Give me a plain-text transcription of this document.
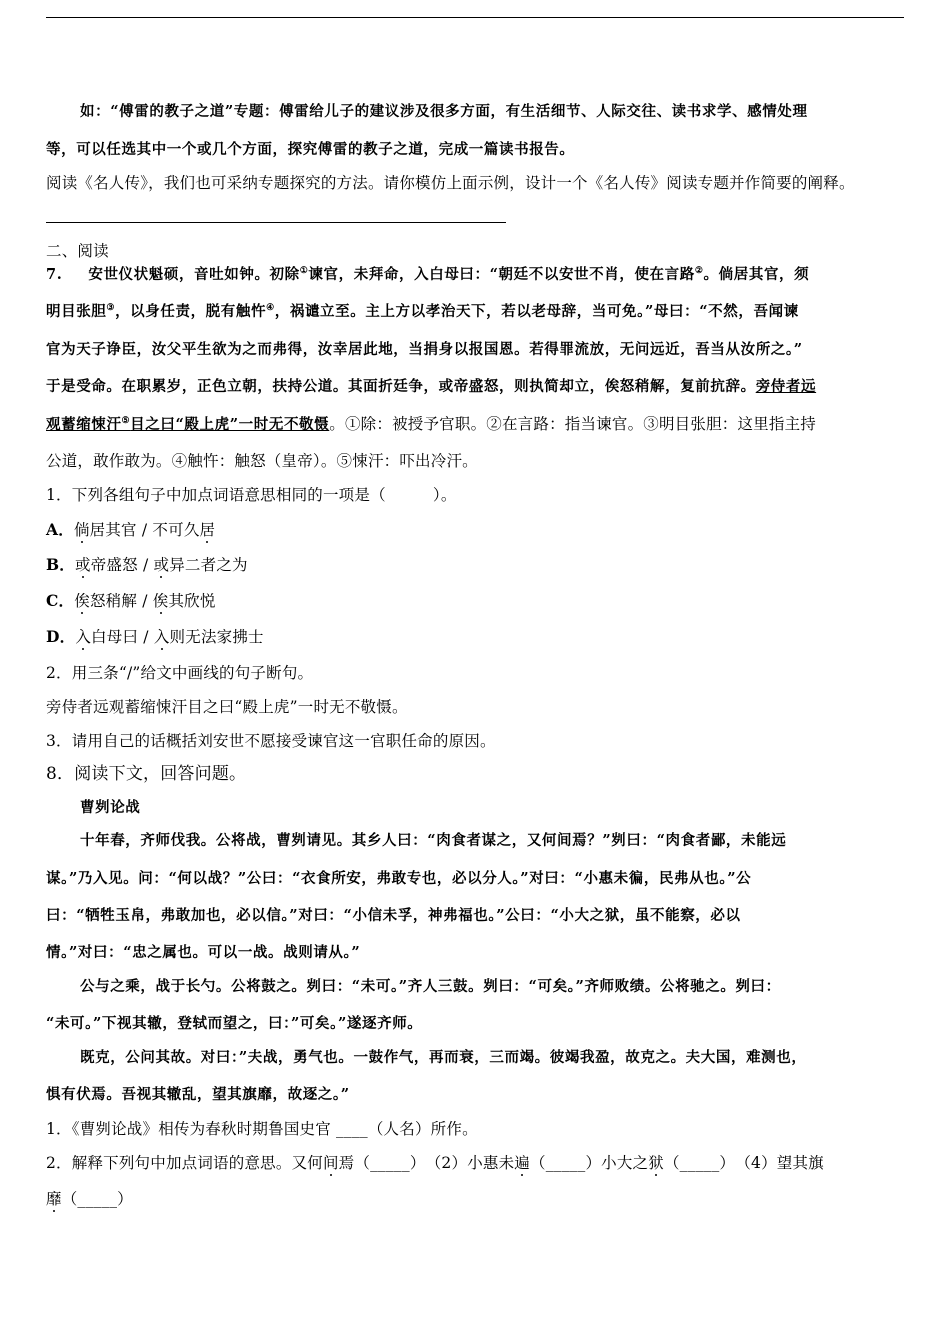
如：“傅雷的教子之道”专题：傅雷给儿子的建议涉及很多方面，有生活细节、人际交往、读书求学、感情处理
等，可以任选其中一个或几个方面，探究傅雷的教子之道，完成一篇读书报告。
阅读《名人传》，我们也可采纳专题探究的方法。请你模仿上面示例，设计一个《名人传》阅读专题并作简要的阐释。
二、阅读
7. 安世仪状魁硕，音吐如钟。初除①谏官，未拜命，入白母曰：“朝廷不以安世不肖，使在言路②。倘居其官，须
明目张胆③，以身任责，脱有触忤④，祸谴立至。主上方以孝治天下，若以老母辞，当可免。”母曰：“不然，吾闻谏
官为天子诤臣，汝父平生欲为之而弗得，汝幸居此地，当捐身以报国恩。若得罪流放，无问远近，吾当从汝所之。”
于是受命。在职累岁，正色立朝，扶持公道。其面折廷争，或帝盛怒，则执简却立，俟怒稍解，复前抗辞。旁侍者远
观蓄缩悚汗⑤目之曰“殿上虎”一时无不敬慑。①除：被授予官职。②在言路：指当谏官。③明目张胆：这里指主持
公道，敢作敢为。④触忤：触怒（皇帝）。⑤悚汗：吓出冷汗。
1．下列各组句子中加点词语意思相同的一项是（　　　）。
A．倘居其官 / 不可久居
B．或帝盛怒 / 或异二者之为
C．俟怒稍解 / 俟其欣悦
D．入白母曰 / 入则无法家拂士
2．用三条“/”给文中画线的句子断句。
旁侍者远观蓄缩悚汗目之曰“殿上虎”一时无不敬慑。
3．请用自己的话概括刘安世不愿接受谏官这一官职任命的原因。
8．阅读下文，回答问题。
曹刿论战
十年春，齐师伐我。公将战，曹刿请见。其乡人曰：“肉食者谋之，又何间焉？”刿曰：“肉食者鄙，未能远
谋。”乃入见。问：“何以战？”公曰：“衣食所安，弗敢专也，必以分人。”对曰：“小惠未徧，民弗从也。”公
曰：“牺牲玉帛，弗敢加也，必以信。”对曰：“小信未孚，神弗福也。”公曰：“小大之狱，虽不能察，必以
情。”对曰：“忠之属也。可以一战。战则请从。”
公与之乘，战于长勺。公将鼓之。刿曰：“未可。”齐人三鼓。刿曰：“可矣。”齐师败绩。公将驰之。刿曰：
“未可。”下视其辙，登轼而望之，曰：”可矣。”遂逐齐师。
既克，公问其故。对曰：”夫战，勇气也。一鼓作气，再而衰，三而竭。彼竭我盈，故克之。夫大国，难测也，
惧有伏焉。吾视其辙乱，望其旗靡，故逐之。”
1．《曹刿论战》相传为春秋时期鲁国史官 ____（人名）所作。
2．解释下列句中加点词语的意思。又何间焉（_____）　（2）小惠未遍（_____）小大之狱（_____）　（4）望其旗
靡（_____）
